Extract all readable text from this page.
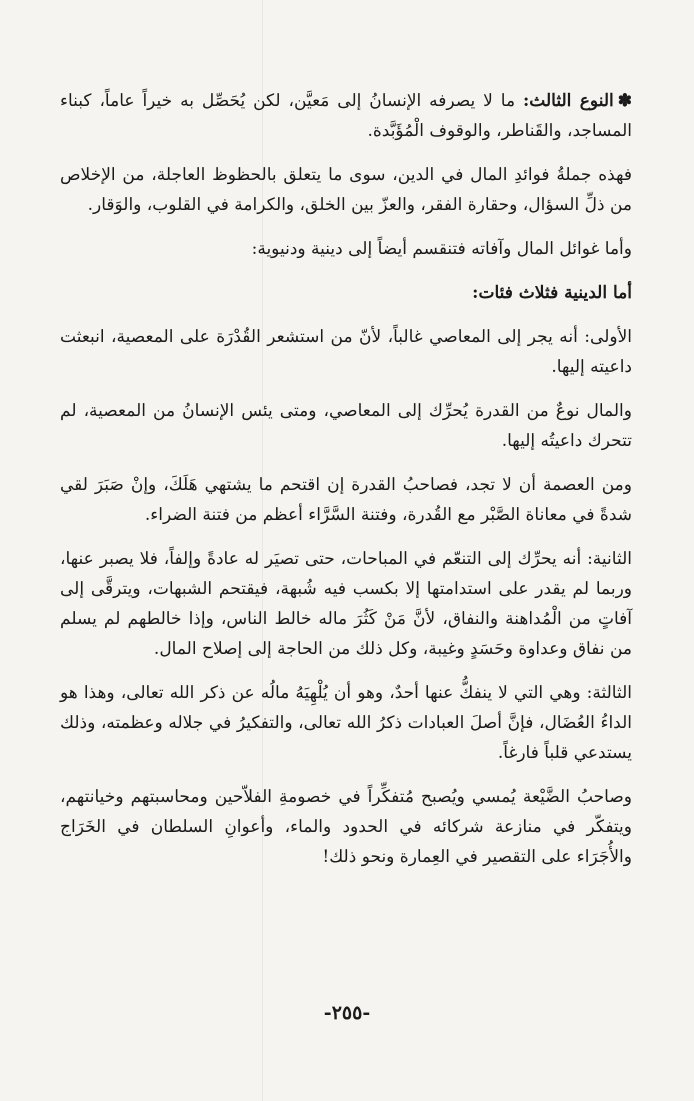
✽النوع الثالث: ما لا يصرفه الإنسانُ إلى مَعيَّن، لكن يُحَصِّل به خيراً عاماً، كبناء المساجد، والقَناطر، والوقوف الْمُؤَبَّدة.

فهذه جملةُ فوائدِ المال في الدين، سوى ما يتعلق بالحظوظ العاجلة، من الإخلاص من ذلِّ السؤال، وحقارة الفقر، والعزّ بين الخلق، والكرامة في القلوب، والوَقار.

وأما غوائل المال وآفاته فتنقسم أيضاً إلى دينية ودنيوية:

أما الدينية فثلاث فئات:

الأولى: أنه يجر إلى المعاصي غالباً، لأنّ من استشعر القُدْرَة على المعصية، انبعثت داعيته إليها.

والمال نوعٌ من القدرة يُحرِّك إلى المعاصي، ومتى يئس الإنسانُ من المعصية، لم تتحرك داعيتُه إليها.

ومن العصمة أن لا تجد، فصاحبُ القدرة إن اقتحم ما يشتهي هَلَكَ، وإنْ صَبَرَ لقي شدةً في معاناة الصَّبْر مع القُدرة، وفتنة السَّرَّاء أعظم من فتنة الضراء.

الثانية: أنه يحرِّك إلى التنعّم في المباحات، حتى تصيَر له عادةً وإلفاً، فلا يصبر عنها، وربما لم يقدر على استدامتها إلا بكسب فيه شُبهة، فيقتحم الشبهات، ويترقَّى إلى آفاتٍ من الْمُداهنة والنفاق، لأنَّ مَنْ كَثُرَ ماله خالط الناس، وإذا خالطهم لم يسلم من نفاق وعداوة وحَسَدٍ وغيبة، وكل ذلك من الحاجة إلى إصلاح المال.

الثالثة: وهي التي لا ينفكُّ عنها أحدٌ، وهو أن يُلْهِيَهُ مالُه عن ذكر الله تعالى، وهذا هو الداءُ العُضَال، فإنَّ أصلَ العبادات ذكرُ الله تعالى، والتفكيرُ في جلاله وعظمته، وذلك يستدعي قلباً فارغاً.

وصاحبُ الضَّيْعة يُمسي ويُصبح مُتفكِّراً في خصومةِ الفلاّحين ومحاسبتهم وخيانتهم، ويتفكّر في منازعة شركائه في الحدود والماء، وأعوانِ السلطان في الخَرَاج والأُجَرَاء على التقصير في العِمارة ونحو ذلك!

-٢٥٥-
